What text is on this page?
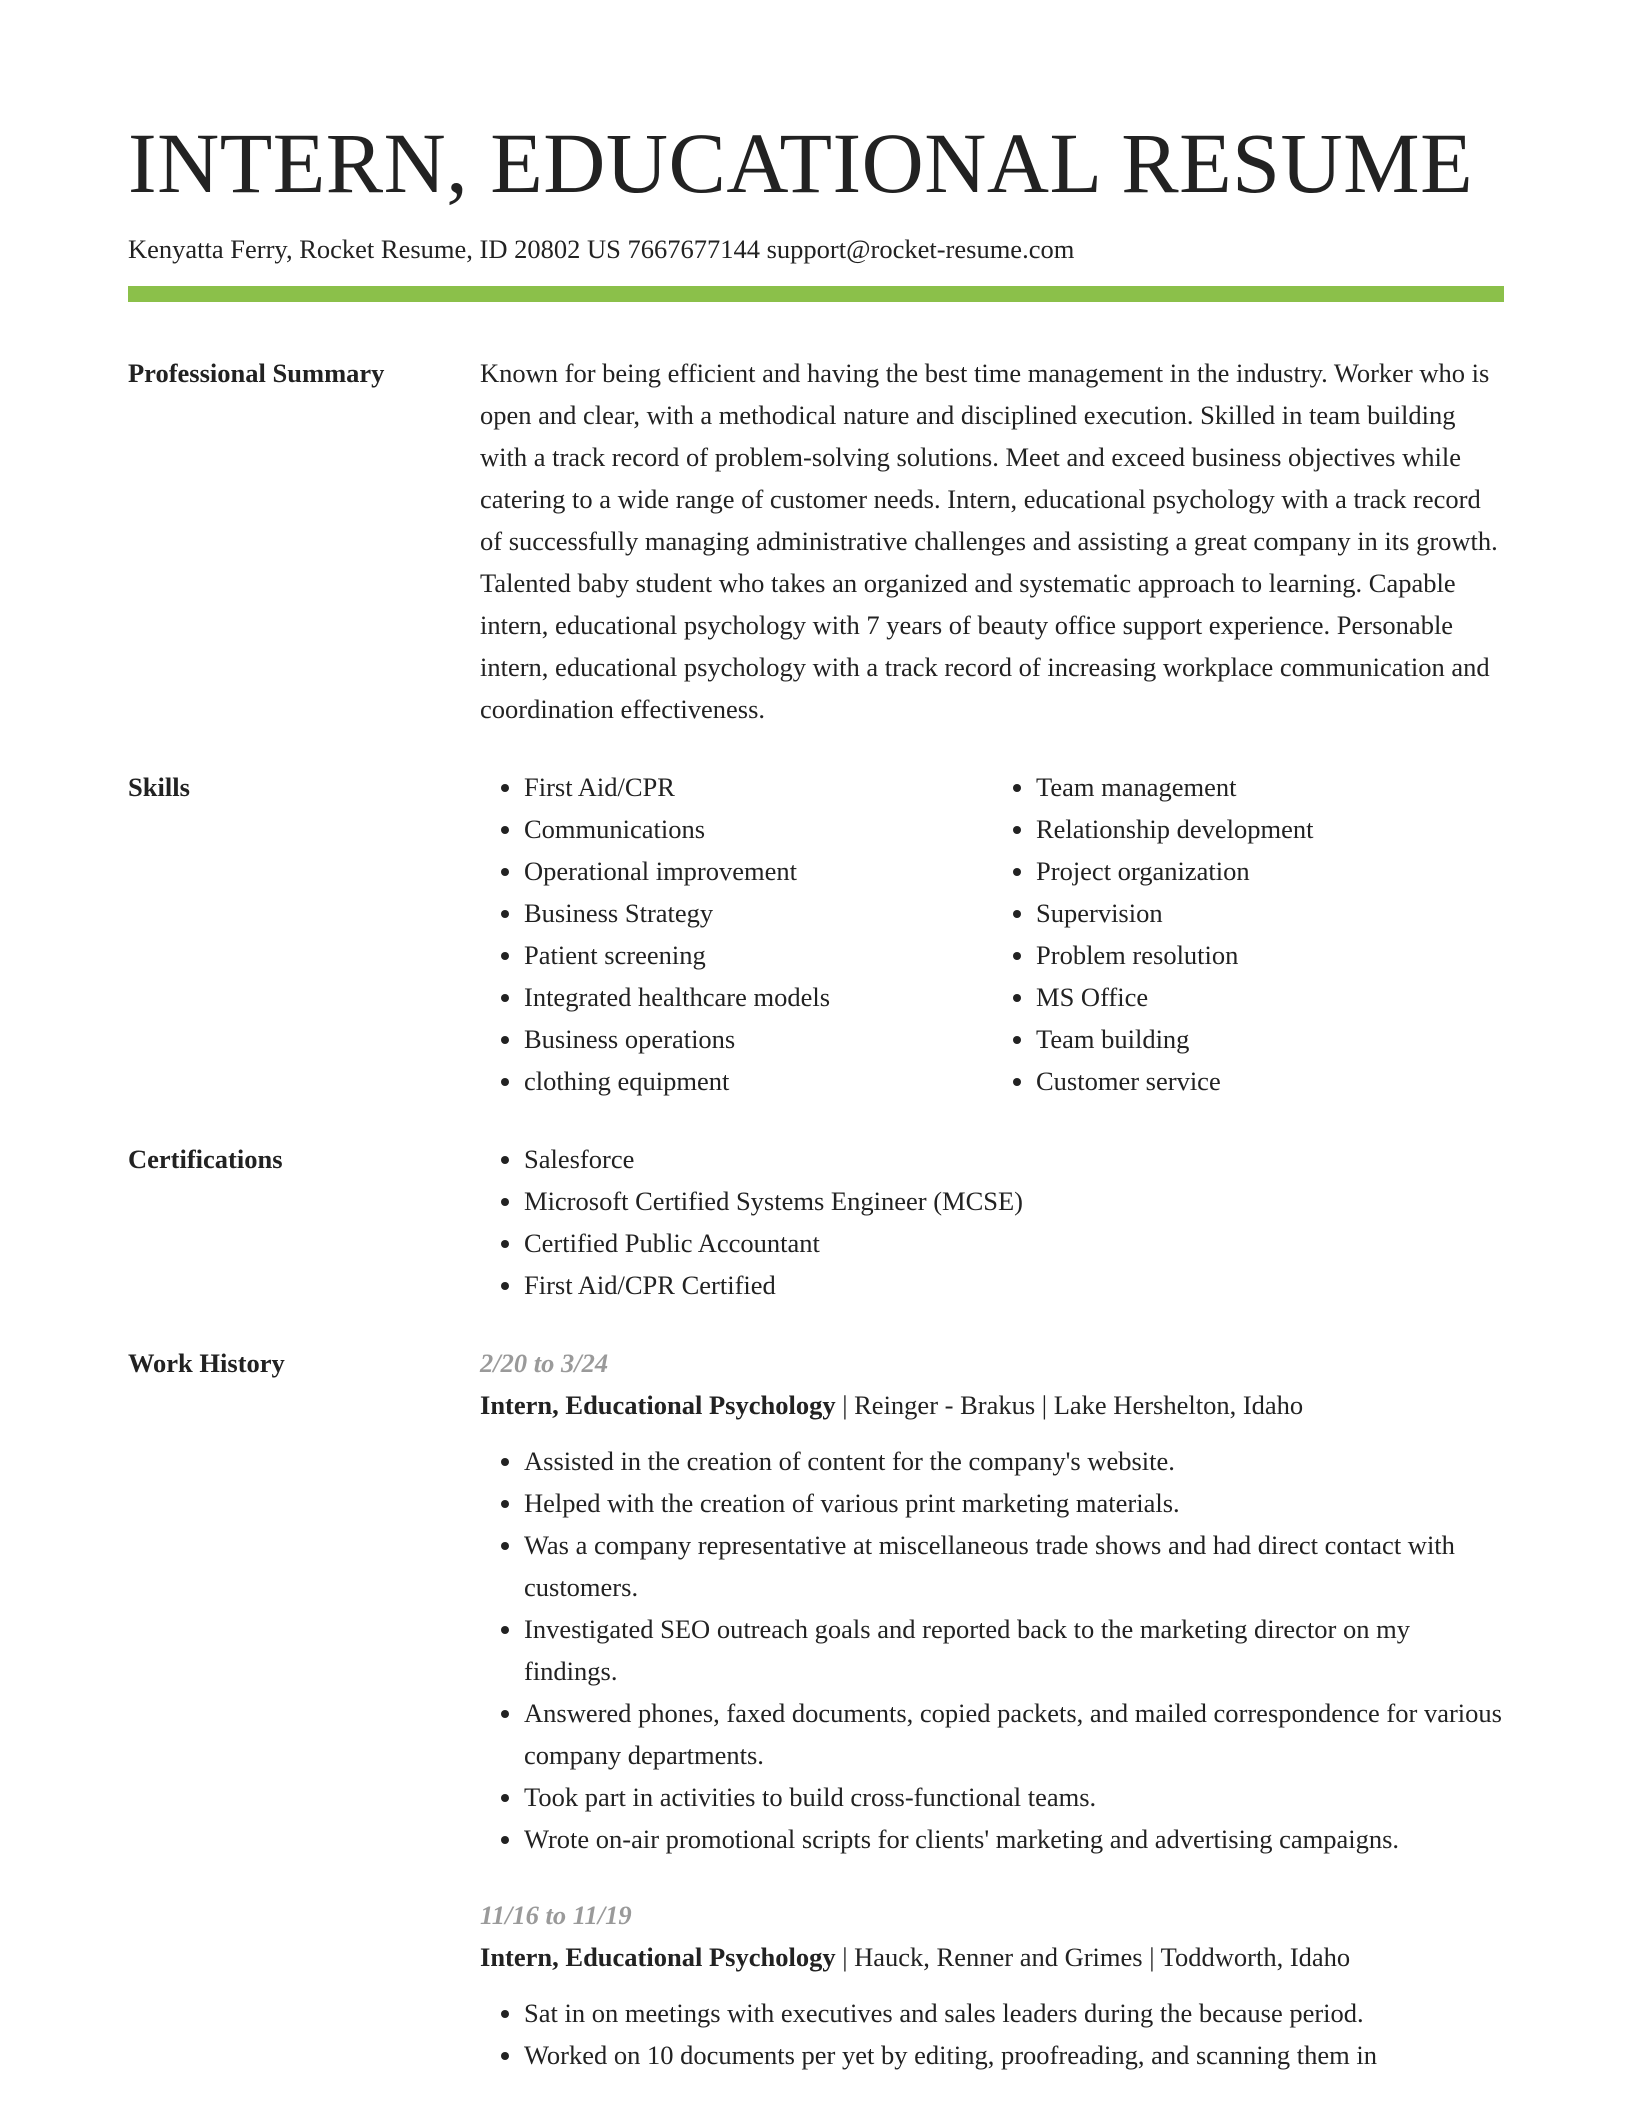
INTERN, EDUCATIONAL RESUME

Kenyatta Ferry, Rocket Resume, ID 20802 US 7667677144 support@rocket-resume.com

Professional Summary	Known for being efficient and having the best time management in the industry. Worker who is open and clear, with a methodical nature and disciplined execution. Skilled in team building with a track record of problem-solving solutions. Meet and exceed business objectives while catering to a wide range of customer needs. Intern, educational psychology with a track record of successfully managing administrative challenges and assisting a great company in its growth. Talented baby student who takes an organized and systematic approach to learning. Capable intern, educational psychology with 7 years of beauty office support experience. Personable intern, educational psychology with a track record of increasing workplace communication and coordination effectiveness.

Skills	• First Aid/CPR
• Communications
• Operational improvement
• Business Strategy
• Patient screening
• Integrated healthcare models
• Business operations
• clothing equipment
• Team management
• Relationship development
• Project organization
• Supervision
• Problem resolution
• MS Office
• Team building
• Customer service
Certifications	• Salesforce
• Microsoft Certified Systems Engineer (MCSE)
• Certified Public Accountant
• First Aid/CPR Certified
Work History	2/20 to 3/24

Intern, Educational Psychology | Reinger - Brakus | Lake Hershelton, Idaho

• Assisted in the creation of content for the company's website.
• Helped with the creation of various print marketing materials.
• Was a company representative at miscellaneous trade shows and had direct contact with customers.
• Investigated SEO outreach goals and reported back to the marketing director on my findings.
• Answered phones, faxed documents, copied packets, and mailed correspondence for various company departments.
• Took part in activities to build cross-functional teams.
• Wrote on-air promotional scripts for clients' marketing and advertising campaigns.

11/16 to 11/19

Intern, Educational Psychology | Hauck, Renner and Grimes | Toddworth, Idaho

• Sat in on meetings with executives and sales leaders during the because period.
• Worked on 10 documents per yet by editing, proofreading, and scanning them in
